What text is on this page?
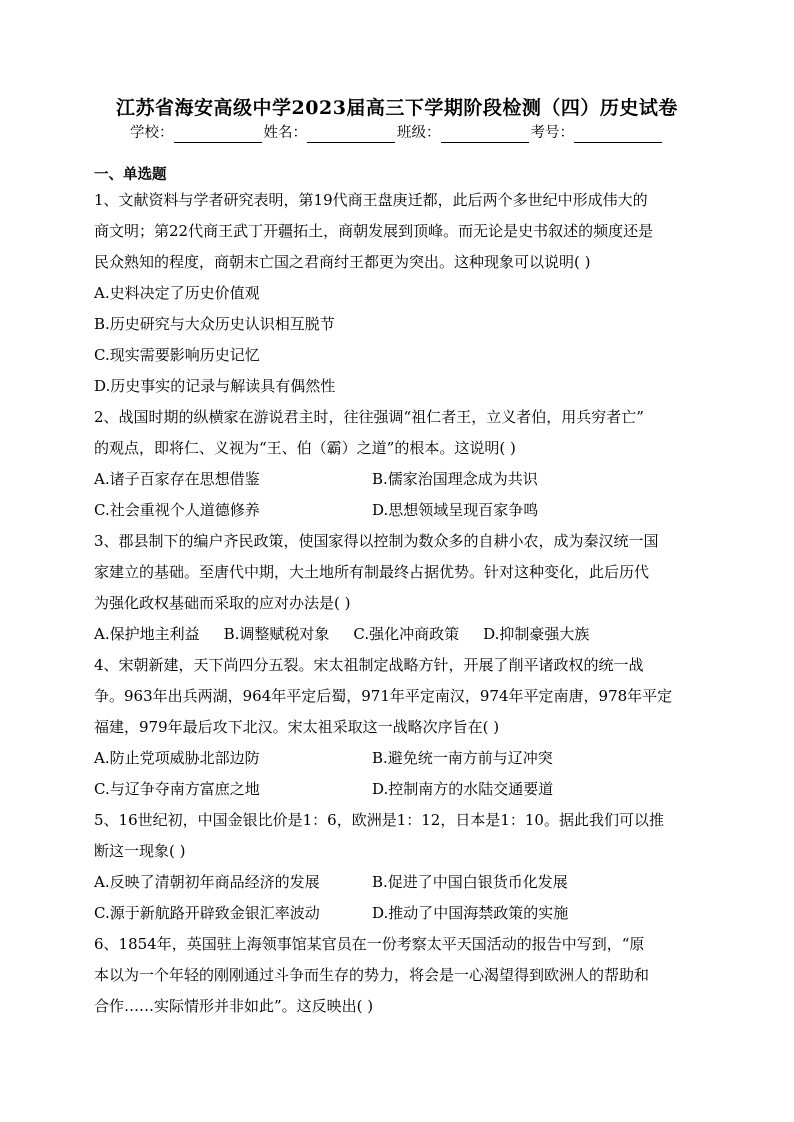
江苏省海安高级中学2023届高三下学期阶段检测（四）历史试卷
学校：	姓名：	班级：	考号：
一、单选题

1、文献资料与学者研究表明，第19代商王盘庚迁都，此后两个多世纪中形成伟大的

商文明；第22代商王武丁开疆拓土，商朝发展到顶峰。而无论是史书叙述的频度还是

民众熟知的程度，商朝末亡国之君商纣王都更为突出。这种现象可以说明( )

A.史料决定了历史价值观

B.历史研究与大众历史认识相互脱节

C.现实需要影响历史记忆

D.历史事实的记录与解读具有偶然性

2、战国时期的纵横家在游说君主时，往往强调“祖仁者王，立义者伯，用兵穷者亡”

的观点，即将仁、义视为“王、伯（霸）之道”的根本。这说明( )

A.诸子百家存在思想借鉴	B.儒家治国理念成为共识

C.社会重视个人道德修养	D.思想领域呈现百家争鸣

3、郡县制下的编户齐民政策，使国家得以控制为数众多的自耕小农，成为秦汉统一国

家建立的基础。至唐代中期，大土地所有制最终占据优势。针对这种变化，此后历代

为强化政权基础而采取的应对办法是( )

A.保护地主利益 B.调整赋税对象 C.强化冲商政策 D.抑制豪强大族

4、宋朝新建，天下尚四分五裂。宋太祖制定战略方针，开展了削平诸政权的统一战

争。963年出兵两湖，964年平定后蜀，971年平定南汉，974年平定南唐，978年平定

福建，979年最后攻下北汉。宋太祖采取这一战略次序旨在( )

A.防止党项威胁北部边防	B.避免统一南方前与辽冲突

C.与辽争夺南方富庶之地	D.控制南方的水陆交通要道

5、16世纪初，中国金银比价是1：6，欧洲是1：12，日本是1：10。据此我们可以推

断这一现象( )

A.反映了清朝初年商品经济的发展	B.促进了中国白银货币化发展

C.源于新航路开辟致金银汇率波动	D.推动了中国海禁政策的实施

6、1854年，英国驻上海领事馆某官员在一份考察太平天国活动的报告中写到，“原

本以为一个年轻的刚刚通过斗争而生存的势力，将会是一心渴望得到欧洲人的帮助和

合作……实际情形并非如此”。这反映出( )
